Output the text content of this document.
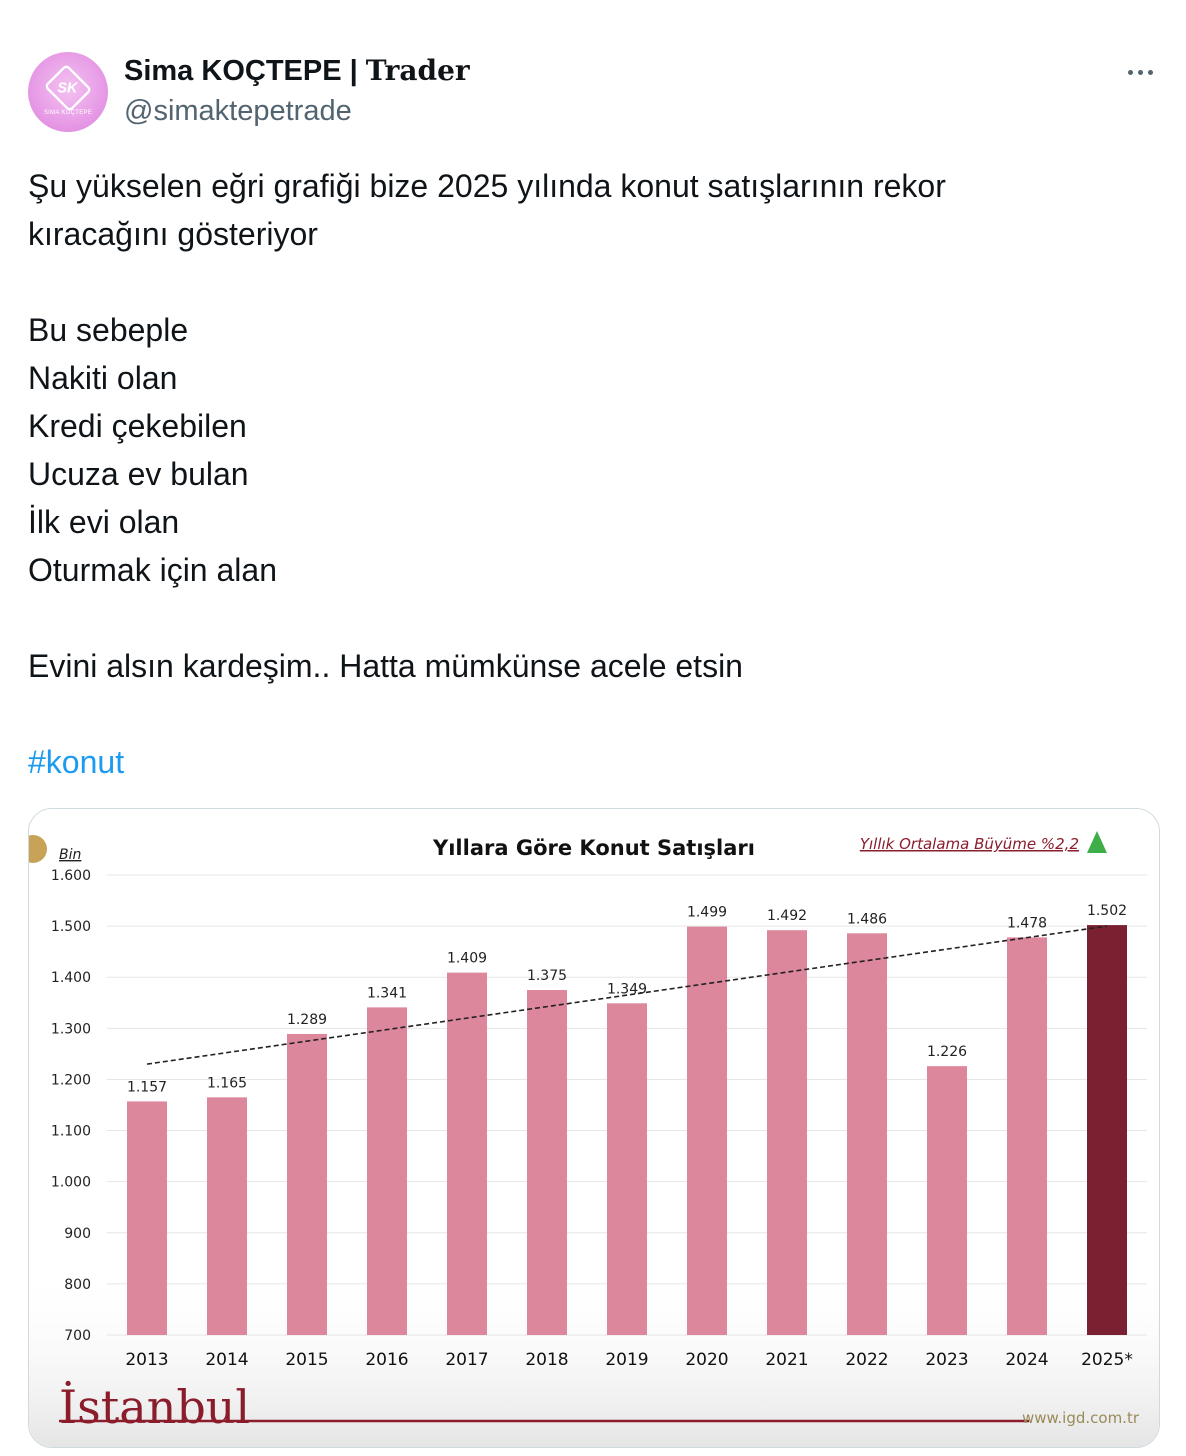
SK
SIMA KOÇTEPE
Sima KOÇTEPE | Trader
@simaktepetrade
Şu yükselen eğri grafiği bize 2025 yılında konut satışlarının rekor
kıracağını gösteriyor
Bu sebeple
Nakiti olan
Kredi çekebilen
Ucuza ev bulan
İlk evi olan
Oturmak için alan
Evini alsın kardeşim.. Hatta mümkünse acele etsin
#konut
Bin	Yıllara Göre Konut Satışları	Yıllık Ortalama Büyüme %2,2
700
800
900
1.000
1.100
1.200
1.300
1.400
1.500
1.600
1.157	1.165
1.289
1.341
1.409
1.375
1.349
1.499	1.492	1.486
1.226
1.478
1.502
2013 2014 2015 2016 2017 2018 2019 2020 2021 2022 2023 2024 2025*
İstanbul	www.igd.com.tr
